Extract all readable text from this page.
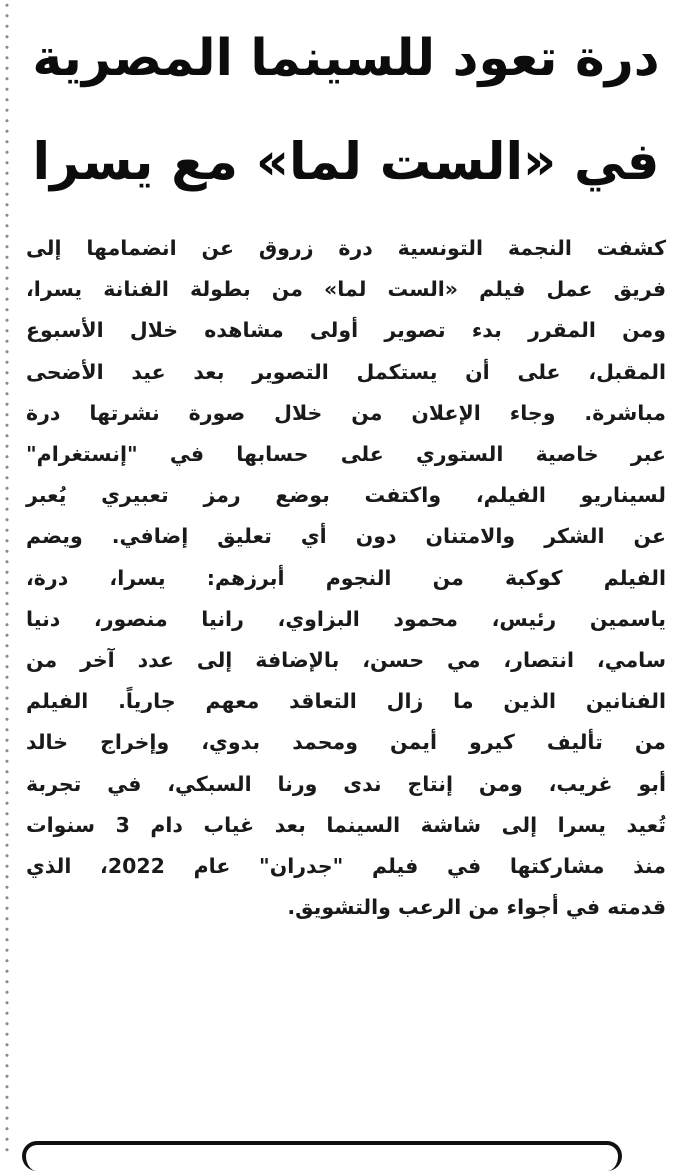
درة تعود للسينما المصرية
في «الست لما» مع يسرا
كشفت النجمة التونسية درة زروق عن انضمامها إلى
فريق عمل فيلم «الست لما» من بطولة الفنانة يسرا،
ومن المقرر بدء تصوير أولى مشاهده خلال الأسبوع
المقبل، على أن يستكمل التصوير بعد عيد الأضحى
مباشرة. وجاء الإعلان من خلال صورة نشرتها درة
عبر خاصية الستوري على حسابها في "إنستغرام"
لسيناريو الفيلم، واكتفت بوضع رمز تعبيري يُعبر
عن الشكر والامتنان دون أي تعليق إضافي. ويضم
الفيلم كوكبة من النجوم أبرزهم: يسرا، درة،
ياسمين رئيس، محمود البزاوي، رانيا منصور، دنيا
سامي، انتصار، مي حسن، بالإضافة إلى عدد آخر من
الفنانين الذين ما زال التعاقد معهم جارياً. الفيلم
من تأليف كيرو أيمن ومحمد بدوي، وإخراج خالد
أبو غريب، ومن إنتاج ندى ورنا السبكي، في تجربة
تُعيد يسرا إلى شاشة السينما بعد غياب دام 3 سنوات
منذ مشاركتها في فيلم "جدران" عام 2022، الذي
قدمته في أجواء من الرعب والتشويق.
